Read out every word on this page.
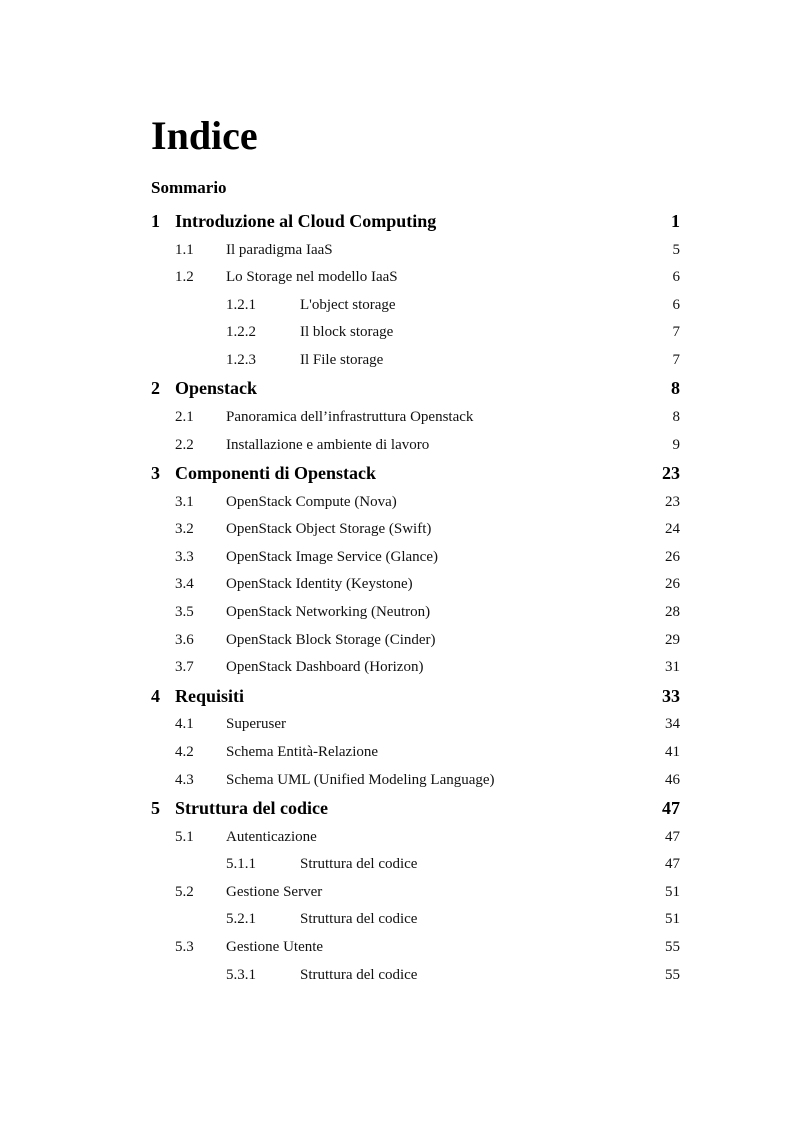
Indice
Sommario
1 Introduzione al Cloud Computing	1
1.1 Il paradigma IaaS	5
1.2 Lo Storage nel modello IaaS	6
1.2.1	L'object storage	6
1.2.2	Il block storage	7
1.2.3	Il File storage	7
2 Openstack	8
2.1 Panoramica dell’infrastruttura Openstack	8
2.2 Installazione e ambiente di lavoro	9
3 Componenti di Openstack	23
3.1 OpenStack Compute (Nova)	23
3.2 OpenStack Object Storage (Swift)	24
3.3 OpenStack Image Service (Glance)	26
3.4 OpenStack Identity (Keystone)	26
3.5 OpenStack Networking (Neutron)	28
3.6 OpenStack Block Storage (Cinder)	29
3.7 OpenStack Dashboard (Horizon)	31
4 Requisiti	33
4.1 Superuser	34
4.2 Schema Entità-Relazione	41
4.3 Schema UML (Unified Modeling Language)	46
5 Struttura del codice	47
5.1 Autenticazione	47
5.1.1	Struttura del codice	47
5.2 Gestione Server	51
5.2.1	Struttura del codice	51
5.3 Gestione Utente	55
5.3.1	Struttura del codice	55
